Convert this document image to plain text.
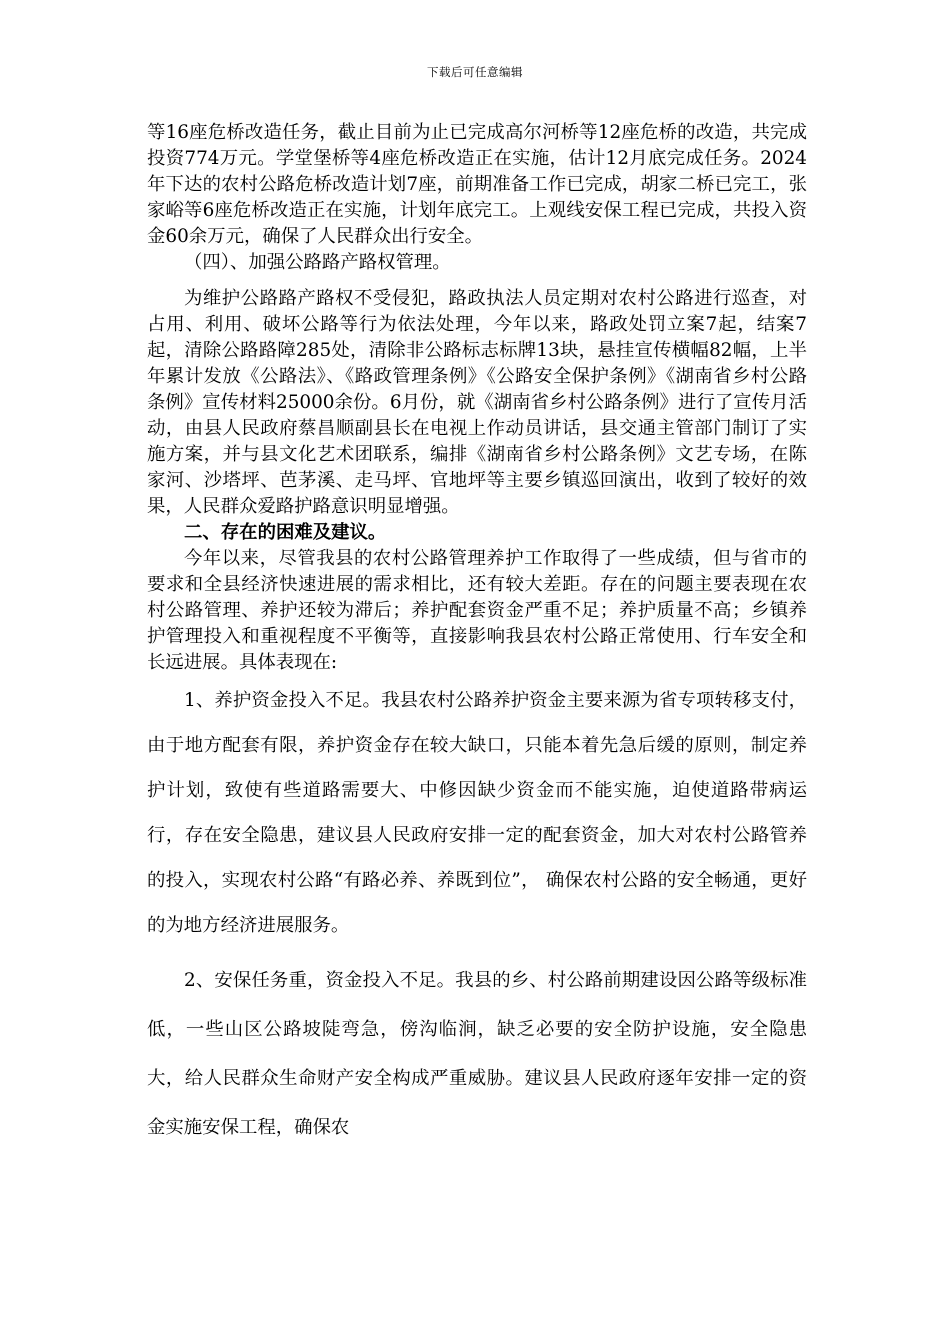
下载后可任意编辑

等16座危桥改造任务，截止目前为止已完成高尔河桥等12座危桥的改造，共完成投资774万元。学堂堡桥等4座危桥改造正在实施，估计12月底完成任务。2024年下达的农村公路危桥改造计划7座，前期准备工作已完成，胡家二桥已完工，张家峪等6座危桥改造正在实施，计划年底完工。上观线安保工程已完成，共投入资金60余万元，确保了人民群众出行安全。

（四）、加强公路路产路权管理。

为维护公路路产路权不受侵犯，路政执法人员定期对农村公路进行巡查，对占用、利用、破坏公路等行为依法处理，今年以来，路政处罚立案7起，结案7起，清除公路路障285处，清除非公路标志标牌13块，悬挂宣传横幅82幅，上半年累计发放《公路法》、《路政管理条例》《公路安全保护条例》《湖南省乡村公路条例》宣传材料25000余份。6月份，就《湖南省乡村公路条例》进行了宣传月活动，由县人民政府蔡昌顺副县长在电视上作动员讲话，县交通主管部门制订了实施方案，并与县文化艺术团联系，编排《湖南省乡村公路条例》文艺专场，在陈家河、沙塔坪、芭茅溪、走马坪、官地坪等主要乡镇巡回演出，收到了较好的效果，人民群众爱路护路意识明显增强。

二、存在的困难及建议。

今年以来，尽管我县的农村公路管理养护工作取得了一些成绩，但与省市的要求和全县经济快速进展的需求相比，还有较大差距。存在的问题主要表现在农村公路管理、养护还较为滞后；养护配套资金严重不足；养护质量不高；乡镇养护管理投入和重视程度不平衡等，直接影响我县农村公路正常使用、行车安全和长远进展。具体表现在:

1、养护资金投入不足。我县农村公路养护资金主要来源为省专项转移支付，由于地方配套有限，养护资金存在较大缺口，只能本着先急后缓的原则，制定养护计划，致使有些道路需要大、中修因缺少资金而不能实施，迫使道路带病运行，存在安全隐患，建议县人民政府安排一定的配套资金，加大对农村公路管养的投入，实现农村公路“有路必养、养既到位”， 确保农村公路的安全畅通，更好的为地方经济进展服务。

2、安保任务重，资金投入不足。我县的乡、村公路前期建设因公路等级标准低，一些山区公路坡陡弯急，傍沟临涧，缺乏必要的安全防护设施，安全隐患大，给人民群众生命财产安全构成严重威胁。建议县人民政府逐年安排一定的资金实施安保工程，确保农
